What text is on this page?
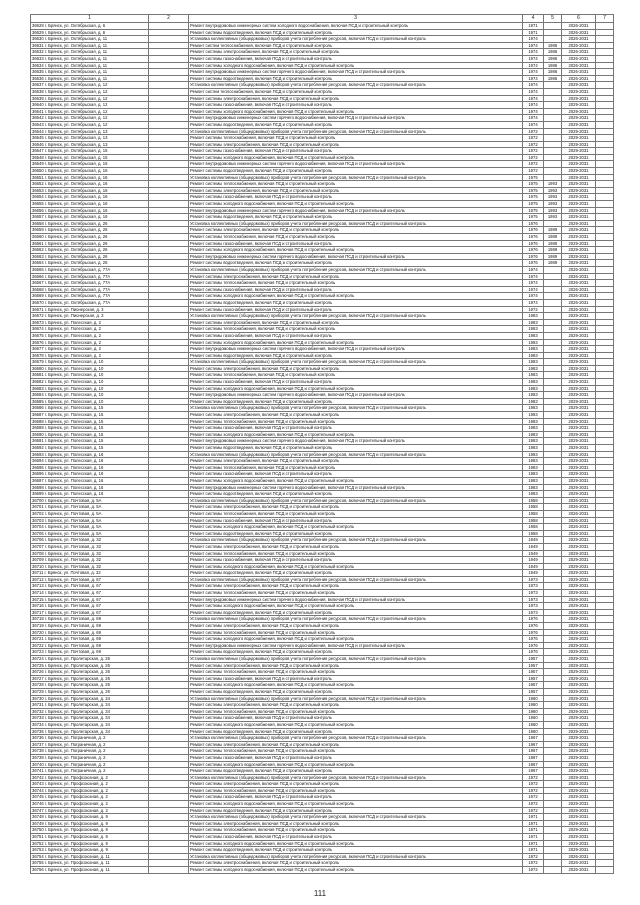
1	2	3	4	5	6	7
36628 г. Брянск, ул. Октябрьская, д. 6		Ремонт внутридомовых инженерных систем холодного водоснабжения, включая ПСД и строительный контроль	1971		2026-2031	
36629 г. Брянск, ул. Октябрьская, д. 6		Ремонт системы водоотведения, включая ПСД и строительный контроль	1971		2026-2031	
36630 г. Брянск, ул. Октябрьская, д. 11		Установка коллективных (общедомовых) приборов учета потребления ресурсов, включая ПСД и строительный контроль	1974		2026-2031	
36631 г. Брянск, ул. Октябрьская, д. 11		Ремонт систем теплоснабжения, включая ПСД и строительный контроль	1974	1986	2026-2031	
36632 г. Брянск, ул. Октябрьская, д. 11		Ремонт системы электроснабжения, включая ПСД и строительный контроль	1974	1986	2026-2031	
36633 г. Брянск, ул. Октябрьская, д. 11		Ремонт системы газоснабжения, включая ПСД и строительный контроль	1974	1986	2026-2031	
36634 г. Брянск, ул. Октябрьская, д. 11		Ремонт системы холодного водоснабжения, включая ПСД и строительный контроль	1974	1986	2026-2031	
36635 г. Брянск, ул. Октябрьская, д. 11		Ремонт внутридомовых инженерных систем горячего водоснабжения, включая ПСД и строительный контроль	1974	1986	2026-2031	
36636 г. Брянск, ул. Октябрьская, д. 11		Ремонт системы водоотведения, включая ПСД и строительный контроль	1974	1986	2026-2031	
36637 г. Брянск, ул. Октябрьская, д. 12		Установка коллективных (общедомовых) приборов учета потребления ресурсов, включая ПСД и строительный контроль	1974		2029-2031	
36638 г. Брянск, ул. Октябрьская, д. 12		Ремонт систем теплоснабжения, включая ПСД и строительный контроль	1974		2029-2031	
36639 г. Брянск, ул. Октябрьская, д. 12		Ремонт системы электроснабжения, включая ПСД и строительный контроль	1974		2029-2031	
36640 г. Брянск, ул. Октябрьская, д. 12		Ремонт системы газоснабжения, включая ПСД и строительный контроль	1974		2029-2031	
36641 г. Брянск, ул. Октябрьская, д. 12		Ремонт системы холодного водоснабжения, включая ПСД и строительный контроль	1974		2029-2031	
36642 г. Брянск, ул. Октябрьская, д. 12		Ремонт внутридомовых инженерных систем горячего водоснабжения, включая ПСД и строительный контроль	1974		2029-2031	
36643 г. Брянск, ул. Октябрьская, д. 12		Ремонт системы водоотведения, включая ПСД и строительный контроль	1974		2029-2031	
36644 г. Брянск, ул. Октябрьская, д. 13		Установка коллективных (общедомовых) приборов учета потребления ресурсов, включая ПСД и строительный контроль	1972		2029-2031	
36645 г. Брянск, ул. Октябрьская, д. 13		Ремонт системы теплоснабжения, включая ПСД и строительный контроль	1972		2029-2031	
36646 г. Брянск, ул. Октябрьская, д. 13		Ремонт системы электроснабжения, включая ПСД и строительный контроль	1972		2029-2031	
36647 г. Брянск, ул. Октябрьская, д. 15		Ремонт системы газоснабжения, включая ПСД и строительный контроль	1972		2029-2031	
36648 г. Брянск, ул. Октябрьская, д. 15		Ремонт системы холодного водоснабжения, включая ПСД и строительный контроль	1972		2029-2031	
36649 г. Брянск, ул. Октябрьская, д. 15		Ремонт внутридомовых инженерных систем горячего водоснабжения, включая ПСД и строительный контроль	1972		2029-2031	
36650 г. Брянск, ул. Октябрьская, д. 15		Ремонт системы водоотведения, включая ПСД и строительный контроль	1972		2029-2031	
36651 г. Брянск, ул. Октябрьская, д. 16		Установка коллективных (общедомовых) приборов учета потребления ресурсов, включая ПСД и строительный контроль	1975		2029-2031	
36652 г. Брянск, ул. Октябрьская, д. 16		Ремонт системы теплоснабжения, включая ПСД и строительный контроль	1975	1993	2029-2031	
36653 г. Брянск, ул. Октябрьская, д. 16		Ремонт системы электроснабжения, включая ПСД и строительный контроль	1975	1993	2029-2031	
36654 г. Брянск, ул. Октябрьская, д. 16		Ремонт системы газоснабжения, включая ПСД и строительный контроль	1975	1993	2029-2031	
36655 г. Брянск, ул. Октябрьская, д. 16		Ремонт системы холодного водоснабжения, включая ПСД и строительный контроль	1975	1993	2029-2031	
36656 г. Брянск, ул. Октябрьская, д. 16		Ремонт внутридомовых инженерных систем горячего водоснабжения, включая ПСД и строительный контроль	1975	1993	2029-2031	
36657 г. Брянск, ул. Октябрьская, д. 16		Ремонт системы водоотведения, включая ПСД и строительный контроль	1975	1993	2029-2031	
36658 г. Брянск, ул. Октябрьская, д. 26		Установка коллективных (общедомовых) приборов учета потребления ресурсов, включая ПСД и строительный контроль	1976		2029-2031	
36659 г. Брянск, ул. Октябрьская, д. 26		Ремонт системы электроснабжения, включая ПСД и строительный контроль	1976	1989	2029-2031	
36660 г. Брянск, ул. Октябрьская, д. 26		Ремонт системы теплоснабжения, включая ПСД и строительный контроль	1976	1989	2029-2031	
36661 г. Брянск, ул. Октябрьская, д. 26		Ремонт системы газоснабжения, включая ПСД и строительный контроль	1976	1989	2029-2031	
36662 г. Брянск, ул. Октябрьская, д. 26		Ремонт системы холодного водоснабжения, включая ПСД и строительный контроль	1976	1989	2029-2031	
36663 г. Брянск, ул. Октябрьская, д. 26		Ремонт внутридомовых инженерных систем горячего водоснабжения, включая ПСД и строительный контроль	1976	1989	2029-2031	
36664 г. Брянск, ул. Октябрьская, д. 26		Ремонт системы водоотведения, включая ПСД и строительный контроль	1976	1989	2029-2031	
36665 г. Брянск, ул. Октябрьская, д. 77А		Установка коллективных (общедомовых) приборов учета потребления ресурсов, включая ПСД и строительный контроль	1974		2026-2031	
36666 г. Брянск, ул. Октябрьская, д. 77А		Ремонт системы электроснабжения, включая ПСД и строительный контроль	1974		2026-2031	
36667 г. Брянск, ул. Октябрьская, д. 77А		Ремонт системы теплоснабжения, включая ПСД и строительный контроль	1974		2026-2031	
36668 г. Брянск, ул. Октябрьская, д. 77А		Ремонт системы газоснабжения, включая ПСД и строительный контроль	1974		2026-2031	
36669 г. Брянск, ул. Октябрьская, д. 77А		Ремонт системы холодного водоснабжения, включая ПСД и строительный контроль	1974		2026-2031	
36670 г. Брянск, ул. Октябрьская, д. 77А		Ремонт системы водоотведения, включая ПСД и строительный контроль	1974		2026-2031	
36671 г. Брянск, ул. Пионерская, д. 3		Ремонт системы газоснабжения, включая ПСД и строительный контроль	1972		2026-2031	
36672 г. Брянск, ул. Пионерская, д. 3		Установка коллективных (общедомовых) приборов учета потребления ресурсов, включая ПСД и строительный контроль	1983		2029-2031	
36673 г. Брянск, ул. Полесская, д. 2		Ремонт системы электроснабжения, включая ПСД и строительный контроль	1983		2029-2031	
36674 г. Брянск, ул. Полесская, д. 2		Ремонт системы теплоснабжения, включая ПСД и строительный контроль	1983		2029-2031	
36675 г. Брянск, ул. Полесская, д. 2		Ремонт системы газоснабжения, включая ПСД и строительный контроль	1983		2029-2031	
36676 г. Брянск, ул. Полесская, д. 2		Ремонт системы холодного водоснабжения, включая ПСД и строительный контроль	1983		2029-2031	
36677 г. Брянск, ул. Полесская, д. 2		Ремонт внутридомовых инженерных систем горячего водоснабжения, включая ПСД и строительный контроль	1983		2029-2031	
36678 г. Брянск, ул. Полесская, д. 2		Ремонт системы водоотведения, включая ПСД и строительный контроль	1983		2029-2031	
36679 г. Брянск, ул. Полесская, д. 10		Установка коллективных (общедомовых) приборов учета потребления ресурсов, включая ПСД и строительный контроль	1983		2029-2031	
36680 г. Брянск, ул. Полесская, д. 10		Ремонт системы электроснабжения, включая ПСД и строительный контроль	1983		2029-2031	
36681 г. Брянск, ул. Полесская, д. 10		Ремонт системы теплоснабжения, включая ПСД и строительный контроль	1983		2029-2031	
36682 г. Брянск, ул. Полесская, д. 10		Ремонт системы газоснабжения, включая ПСД и строительный контроль	1983		2029-2031	
36683 г. Брянск, ул. Полесская, д. 10		Ремонт системы холодного водоснабжения, включая ПСД и строительный контроль	1983		2029-2031	
36684 г. Брянск, ул. Полесская, д. 10		Ремонт внутридомовых инженерных систем горячего водоснабжения, включая ПСД и строительный контроль	1983		2029-2031	
36685 г. Брянск, ул. Полесская, д. 10		Ремонт системы водоотведения, включая ПСД и строительный контроль	1983		2029-2031	
36686 г. Брянск, ул. Полесская, д. 15		Установка коллективных (общедомовых) приборов учета потребления ресурсов, включая ПСД и строительный контроль	1983		2029-2031	
36687 г. Брянск, ул. Полесская, д. 15		Ремонт системы электроснабжения, включая ПСД и строительный контроль	1983		2029-2031	
36688 г. Брянск, ул. Полесская, д. 15		Ремонт системы теплоснабжения, включая ПСД и строительный контроль	1983		2029-2031	
36689 г. Брянск, ул. Полесская, д. 15		Ремонт системы газоснабжения, включая ПСД и строительный контроль	1983		2029-2031	
36690 г. Брянск, ул. Полесская, д. 15		Ремонт системы холодного водоснабжения, включая ПСД и строительный контроль	1983		2029-2031	
36691 г. Брянск, ул. Полесская, д. 15		Ремонт внутридомовых инженерных систем горячего водоснабжения, включая ПСД и строительный контроль	1983		2029-2031	
36692 г. Брянск, ул. Полесская, д. 15		Ремонт системы водоотведения, включая ПСД и строительный контроль	1983		2029-2031	
36693 г. Брянск, ул. Полесская, д. 16		Установка коллективных (общедомовых) приборов учета потребления ресурсов, включая ПСД и строительный контроль	1983		2029-2031	
36694 г. Брянск, ул. Полесская, д. 16		Ремонт системы электроснабжения, включая ПСД и строительный контроль	1983		2029-2031	
36695 г. Брянск, ул. Полесская, д. 16		Ремонт системы теплоснабжения, включая ПСД и строительный контроль	1983		2029-2031	
36696 г. Брянск, ул. Полесская, д. 16		Ремонт системы газоснабжения, включая ПСД и строительный контроль	1983		2029-2031	
36697 г. Брянск, ул. Полесская, д. 16		Ремонт системы холодного водоснабжения, включая ПСД и строительный контроль	1983		2029-2031	
36698 г. Брянск, ул. Полесская, д. 16		Ремонт внутридомовых инженерных систем горячего водоснабжения, включая ПСД и строительный контроль	1983		2029-2031	
36699 г. Брянск, ул. Полесская, д. 16		Ремонт системы водоотведения, включая ПСД и строительный контроль	1983		2029-2031	
36700 г. Брянск, ул. Почтовая, д. 5А		Установка коллективных (общедомовых) приборов учета потребления ресурсов, включая ПСД и строительный контроль	1958		2026-2031	
36701 г. Брянск, ул. Почтовая, д. 5А		Ремонт системы электроснабжения, включая ПСД и строительный контроль	1958		2026-2031	
36702 г. Брянск, ул. Почтовая, д. 5А		Ремонт системы теплоснабжения, включая ПСД и строительный контроль	1958		2026-2031	
36703 г. Брянск, ул. Почтовая, д. 5А		Ремонт системы газоснабжения, включая ПСД и строительный контроль	1958		2026-2031	
36704 г. Брянск, ул. Почтовая, д. 5А		Ремонт системы холодного водоснабжения, включая ПСД и строительный контроль	1958		2026-2031	
36705 г. Брянск, ул. Почтовая, д. 5А		Ремонт системы водоотведения, включая ПСД и строительный контроль	1958		2026-2031	
36706 г. Брянск, ул. Почтовая, д. 32		Установка коллективных (общедомовых) приборов учета потребления ресурсов, включая ПСД и строительный контроль	1949		2029-2031	
36707 г. Брянск, ул. Почтовая, д. 32		Ремонт системы электроснабжения, включая ПСД и строительный контроль	1949		2029-2031	
36708 г. Брянск, ул. Почтовая, д. 32		Ремонт системы теплоснабжения, включая ПСД и строительный контроль	1949		2029-2031	
36709 г. Брянск, ул. Почтовая, д. 32		Ремонт системы газоснабжения, включая ПСД и строительный контроль	1949		2029-2031	
36710 г. Брянск, ул. Почтовая, д. 32		Ремонт системы холодного водоснабжения, включая ПСД и строительный контроль	1949		2029-2031	
36711 г. Брянск, ул. Почтовая, д. 32		Ремонт системы водоотведения, включая ПСД и строительный контроль	1949		2029-2031	
36712 г. Брянск, ул. Почтовая, д. 67		Установка коллективных (общедомовых) приборов учета потребления ресурсов, включая ПСД и строительный контроль	1973		2029-2031	
36713 г. Брянск, ул. Почтовая, д. 67		Ремонт системы электроснабжения, включая ПСД и строительный контроль	1973		2029-2031	
36714 г. Брянск, ул. Почтовая, д. 67		Ремонт системы теплоснабжения, включая ПСД и строительный контроль	1973		2029-2031	
36715 г. Брянск, ул. Почтовая, д. 67		Ремонт внутридомовых инженерных систем горячего водоснабжения, включая ПСД и строительный контроль	1973		2029-2031	
36716 г. Брянск, ул. Почтовая, д. 67		Ремонт системы холодного водоснабжения, включая ПСД и строительный контроль	1973		2029-2031	
36717 г. Брянск, ул. Почтовая, д. 67		Ремонт системы водоотведения, включая ПСД и строительный контроль	1973		2029-2031	
36718 г. Брянск, ул. Почтовая, д. 69		Установка коллективных (общедомовых) приборов учета потребления ресурсов, включая ПСД и строительный контроль	1976		2029-2031	
36719 г. Брянск, ул. Почтовая, д. 69		Ремонт системы электроснабжения, включая ПСД и строительный контроль	1976		2029-2031	
36720 г. Брянск, ул. Почтовая, д. 69		Ремонт системы теплоснабжения, включая ПСД и строительный контроль	1976		2029-2031	
36721 г. Брянск, ул. Почтовая, д. 69		Ремонт системы холодного водоснабжения, включая ПСД и строительный контроль	1976		2029-2031	
36722 г. Брянск, ул. Почтовая, д. 69		Ремонт внутридомовых инженерных систем горячего водоснабжения, включая ПСД и строительный контроль	1976		2029-2031	
36723 г. Брянск, ул. Почтовая, д. 69		Ремонт системы водоотведения, включая ПСД и строительный контроль	1976		2029-2031	
36724 г. Брянск, ул. Пролетарская, д. 26		Установка коллективных (общедомовых) приборов учета потребления ресурсов, включая ПСД и строительный контроль	1957		2029-2031	
36725 г. Брянск, ул. Пролетарская, д. 26		Ремонт системы электроснабжения, включая ПСД и строительный контроль	1957		2029-2031	
36726 г. Брянск, ул. Пролетарская, д. 26		Ремонт системы теплоснабжения, включая ПСД и строительный контроль	1957		2029-2031	
36727 г. Брянск, ул. Пролетарская, д. 26		Ремонт системы газоснабжения, включая ПСД и строительный контроль	1957		2029-2031	
36728 г. Брянск, ул. Пролетарская, д. 26		Ремонт системы холодного водоснабжения, включая ПСД и строительный контроль	1957		2029-2031	
36729 г. Брянск, ул. Пролетарская, д. 26		Ремонт системы водоотведения, включая ПСД и строительный контроль	1957		2029-2031	
36730 г. Брянск, ул. Пролетарская, д. 34		Установка коллективных (общедомовых) приборов учета потребления ресурсов, включая ПСД и строительный контроль	1960		2029-2031	
36731 г. Брянск, ул. Пролетарская, д. 34		Ремонт системы электроснабжения, включая ПСД и строительный контроль	1960		2029-2031	
36732 г. Брянск, ул. Пролетарская, д. 34		Ремонт системы теплоснабжения, включая ПСД и строительный контроль	1960		2029-2031	
36733 г. Брянск, ул. Пролетарская, д. 34		Ремонт системы газоснабжения, включая ПСД и строительный контроль	1960		2029-2031	
36734 г. Брянск, ул. Пролетарская, д. 34		Ремонт системы холодного водоснабжения, включая ПСД и строительный контроль	1960		2029-2031	
36735 г. Брянск, ул. Пролетарская, д. 34		Ремонт системы водоотведения, включая ПСД и строительный контроль	1960		2029-2031	
36736 г. Брянск, ул. Пограничная, д. 2		Установка коллективных (общедомовых) приборов учета потребления ресурсов, включая ПСД и строительный контроль	1967		2029-2031	
36737 г. Брянск, ул. Пограничная, д. 2		Ремонт системы электроснабжения, включая ПСД и строительный контроль	1967		2029-2031	
36738 г. Брянск, ул. Пограничная, д. 2		Ремонт системы теплоснабжения, включая ПСД и строительный контроль	1967		2029-2031	
36739 г. Брянск, ул. Пограничная, д. 2		Ремонт системы газоснабжения, включая ПСД и строительный контроль	1967		2029-2031	
36740 г. Брянск, ул. Пограничная, д. 2		Ремонт системы холодного водоснабжения, включая ПСД и строительный контроль	1967		2029-2031	
36741 г. Брянск, ул. Пограничная, д. 2		Ремонт системы водоотведения, включая ПСД и строительный контроль	1967		2029-2031	
36742 г. Брянск, ул. Профсоюзная, д. 2		Установка коллективных (общедомовых) приборов учета потребления ресурсов, включая ПСД и строительный контроль	1972		2029-2031	
36743 г. Брянск, ул. Профсоюзная, д. 2		Ремонт системы электроснабжения, включая ПСД и строительный контроль	1972		2029-2031	
36744 г. Брянск, ул. Профсоюзная, д. 2		Ремонт системы теплоснабжения, включая ПСД и строительный контроль	1972		2029-2031	
36745 г. Брянск, ул. Профсоюзная, д. 2		Ремонт системы газоснабжения, включая ПСД и строительный контроль	1972		2029-2031	
36746 г. Брянск, ул. Профсоюзная, д. 2		Ремонт системы холодного водоснабжения, включая ПСД и строительный контроль	1972		2029-2031	
36747 г. Брянск, ул. Профсоюзная, д. 2		Ремонт системы водоотведения, включая ПСД и строительный контроль	1972		2029-2031	
36748 г. Брянск, ул. Профсоюзная, д. 9		Установка коллективных (общедомовых) приборов учета потребления ресурсов, включая ПСД и строительный контроль	1971		2029-2031	
36749 г. Брянск, ул. Профсоюзная, д. 9		Ремонт системы электроснабжения, включая ПСД и строительный контроль	1971		2029-2031	
36750 г. Брянск, ул. Профсоюзная, д. 9		Ремонт системы теплоснабжения, включая ПСД и строительный контроль	1971		2029-2031	
36751 г. Брянск, ул. Профсоюзная, д. 9		Ремонт системы газоснабжения, включая ПСД и строительный контроль	1971		2029-2031	
36752 г. Брянск, ул. Профсоюзная, д. 9		Ремонт системы холодного водоснабжения, включая ПСД и строительный контроль	1971		2029-2031	
36753 г. Брянск, ул. Профсоюзная, д. 9		Ремонт системы водоотведения, включая ПСД и строительный контроль	1971		2029-2031	
36754 г. Брянск, ул. Профсоюзная, д. 11		Установка коллективных (общедомовых) приборов учета потребления ресурсов, включая ПСД и строительный контроль	1972		2026-2031	
36755 г. Брянск, ул. Профсоюзная, д. 11		Ремонт системы электроснабжения, включая ПСД и строительный контроль	1972		2026-2031	
36756 г. Брянск, ул. Профсоюзная, д. 11		Ремонт системы холодного водоснабжения, включая ПСД и строительный контроль	1972		2026-2031	
111
